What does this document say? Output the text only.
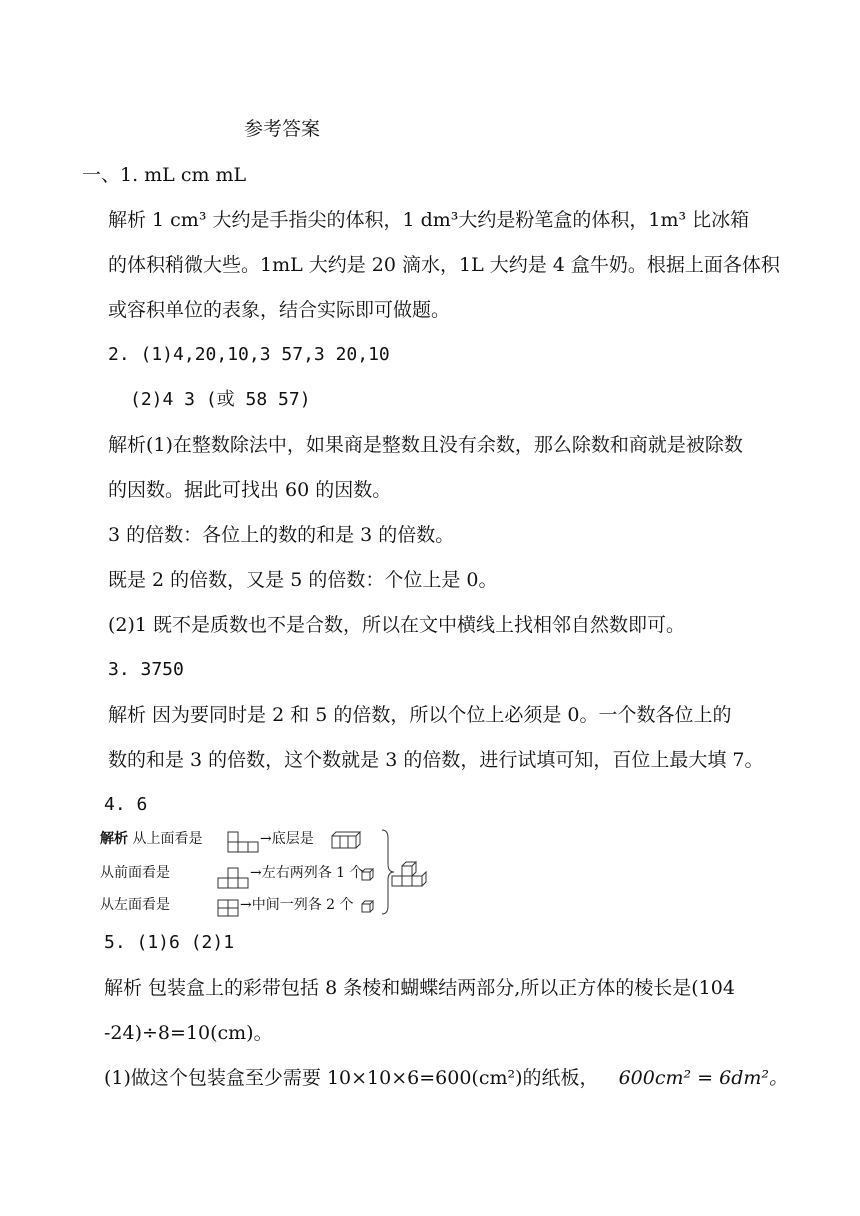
参考答案
一、1. mL cm mL
解析 1 cm³ 大约是手指尖的体积，1 dm³大约是粉笔盒的体积，1m³ 比冰箱
的体积稍微大些。1mL 大约是 20 滴水，1L 大约是 4 盒牛奶。根据上面各体积
或容积单位的表象，结合实际即可做题。
2. (1)4,20,10,3 57,3 20,10
(2)4 3 (或 58 57)
解析(1)在整数除法中，如果商是整数且没有余数，那么除数和商就是被除数
的因数。据此可找出 60 的因数。
3 的倍数：各位上的数的和是 3 的倍数。
既是 2 的倍数，又是 5 的倍数：个位上是 0。
(2)1 既不是质数也不是合数，所以在文中横线上找相邻自然数即可。
3. 3750
解析 因为要同时是 2 和 5 的倍数，所以个位上必须是 0。一个数各位上的
数的和是 3 的倍数，这个数就是 3 的倍数，进行试填可知，百位上最大填 7。
4. 6
解析 从上面看是
从前面看是
从左面看是
→底层是
→左右两列各 1 个
→中间一列各 2 个
5. (1)6 (2)1
解析 包装盒上的彩带包括 8 条棱和蝴蝶结两部分,所以正方体的棱长是(104
-24)÷8=10(cm)。
(1)做这个包装盒至少需要 10×10×6=600(cm²)的纸板， 600cm² = 6dm²。
